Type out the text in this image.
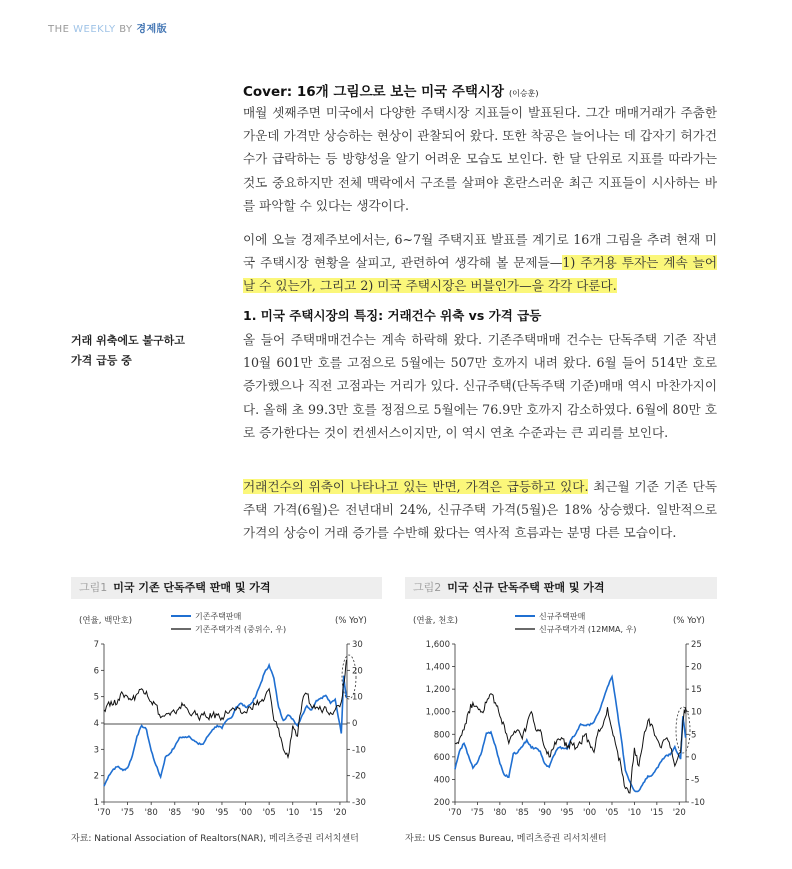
THE WEEKLY BY 경제版
Cover: 16개 그림으로 보는 미국 주택시장 (이승훈)

매월 셋째주면 미국에서 다양한 주택시장 지표들이 발표된다. 그간 매매거래가 주춤한 가운데 가격만 상승하는 현상이 관찰되어 왔다. 또한 착공은 늘어나는 데 갑자기 허가건수가 급락하는 등 방향성을 알기 어려운 모습도 보인다. 한 달 단위로 지표를 따라가는 것도 중요하지만 전체 맥락에서 구조를 살펴야 혼란스러운 최근 지표들이 시사하는 바를 파악할 수 있다는 생각이다.

이에 오늘 경제주보에서는, 6~7월 주택지표 발표를 계기로 16개 그림을 추려 현재 미국 주택시장 현황을 살피고, 관련하여 생각해 볼 문제들—1) 주거용 투자는 계속 늘어날 수 있는가, 그리고 2) 미국 주택시장은 버블인가—을 각각 다룬다.

1. 미국 주택시장의 특징: 거래건수 위축 vs 가격 급등
거래 위축에도 불구하고
가격 급등 중

올 들어 주택매매건수는 계속 하락해 왔다. 기존주택매매 건수는 단독주택 기준 작년 10월 601만 호를 고점으로 5월에는 507만 호까지 내려 왔다. 6월 들어 514만 호로 증가했으나 직전 고점과는 거리가 있다. 신규주택(단독주택 기준)매매 역시 마찬가지이다. 올해 초 99.3만 호를 정점으로 5월에는 76.9만 호까지 감소하였다. 6월에 80만 호로 증가한다는 것이 컨센서스이지만, 이 역시 연초 수준과는 큰 괴리를 보인다.

거래건수의 위축이 나타나고 있는 반면, 가격은 급등하고 있다. 최근월 기준 기존 단독주택 가격(6월)은 전년대비 24%, 신규주택 가격(5월)은 18% 상승했다. 일반적으로 가격의 상승이 거래 증가를 수반해 왔다는 역사적 흐름과는 분명 다른 모습이다.

그림1 미국 기존 단독주택 판매 및 가격
(연율, 백만호)	(% YoY)
기존주택판매
기존주택가격 (중위수, 우)
1
2
3
4
5
6
7
-30
-20
-10
0
10
20
30
'70 '75 '80 '85 '90 '95 '00 '05 '10 '15 '20
자료: National Association of Realtors(NAR), 메리츠증권 리서치센터
그림2 미국 신규 단독주택 판매 및 가격
(연율, 천호)	(% YoY)
신규주택판매
신규주택가격 (12MMA, 우)
200
400
600
800
1,000
1,200
1,400
1,600
-10
-5
0
5
10
15
20
25
'70 '75 '80 '85 '90 '95 '00 '05 '10 '15 '20
자료: US Census Bureau, 메리츠증권 리서치센터
